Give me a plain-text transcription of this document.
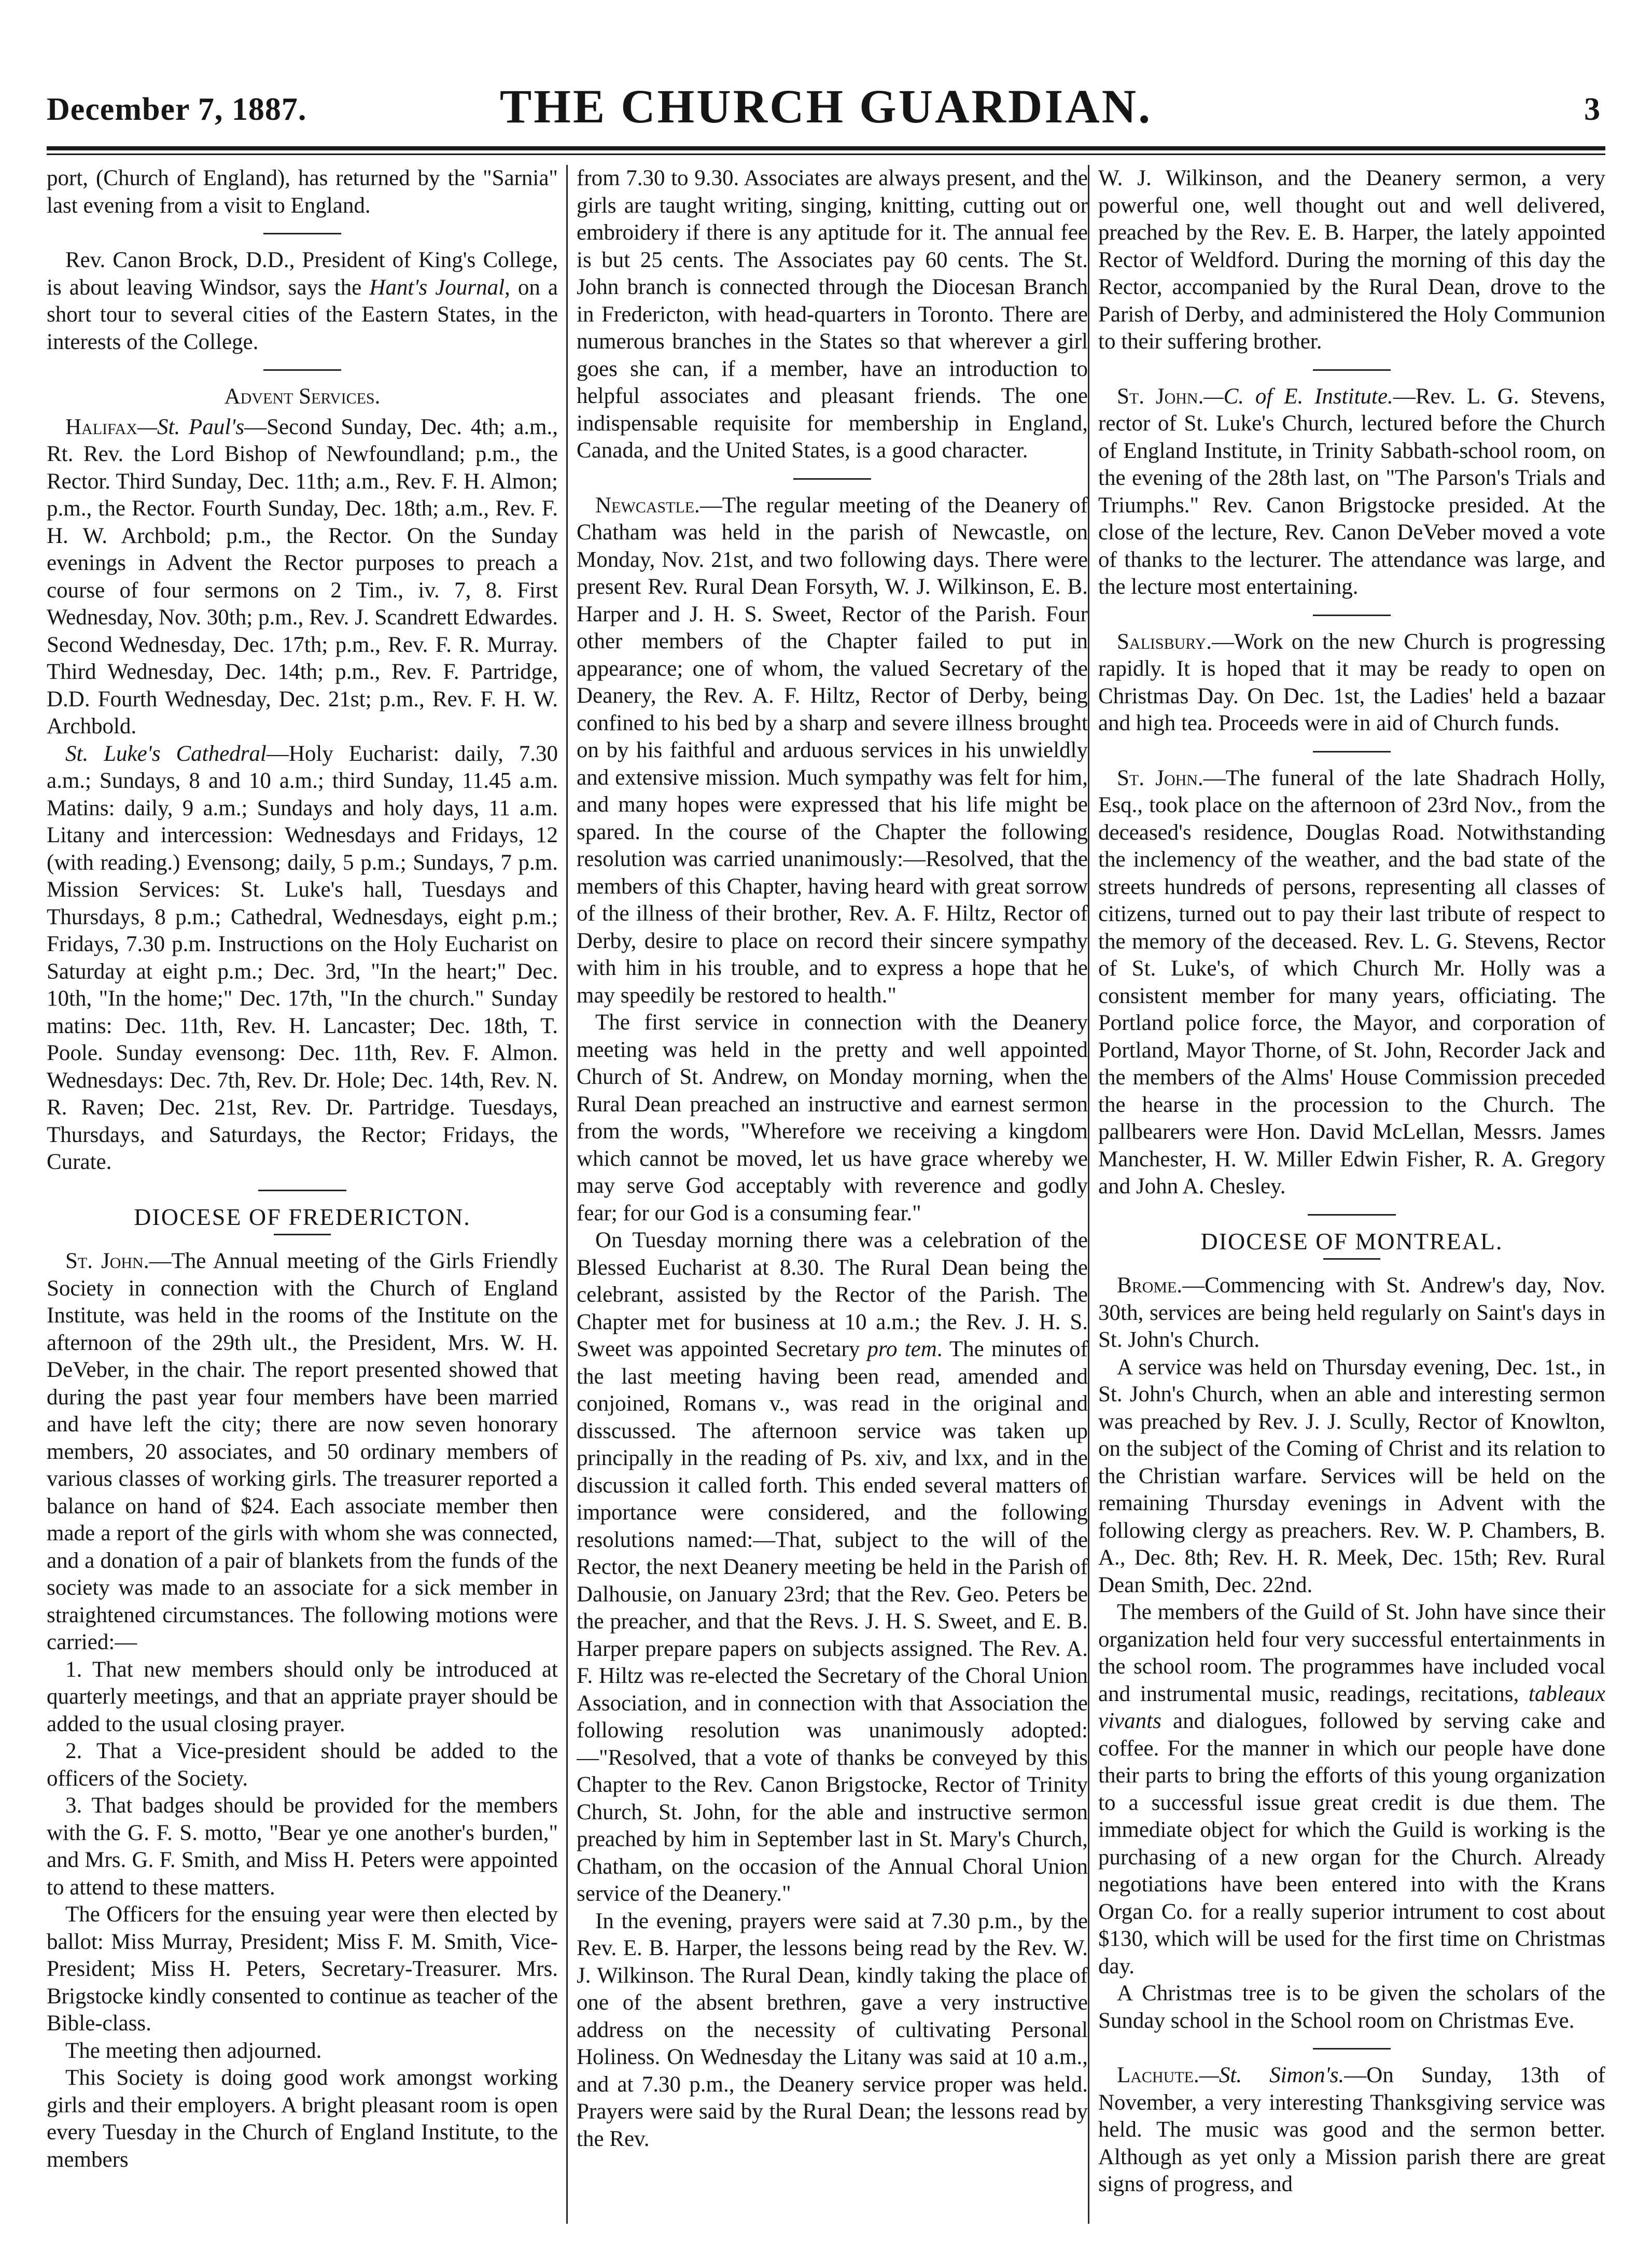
December 7, 1887.	THE CHURCH GUARDIAN.	3

port, (Church of England), has returned by the "Sarnia" last evening from a visit to England.

Rev. Canon Brock, D.D., President of King's College, is about leaving Windsor, says the Hant's Journal, on a short tour to several cities of the Eastern States, in the interests of the College.

Advent Services.

Halifax—St. Paul's—Second Sunday, Dec. 4th; a.m., Rt. Rev. the Lord Bishop of Newfoundland; p.m., the Rector. Third Sunday, Dec. 11th; a.m., Rev. F. H. Almon; p.m., the Rector. Fourth Sunday, Dec. 18th; a.m., Rev. F. H. W. Archbold; p.m., the Rector. On the Sunday evenings in Advent the Rector purposes to preach a course of four sermons on 2 Tim., iv. 7, 8. First Wednesday, Nov. 30th; p.m., Rev. J. Scandrett Edwardes. Second Wednesday, Dec. 17th; p.m., Rev. F. R. Murray. Third Wednesday, Dec. 14th; p.m., Rev. F. Partridge, D.D. Fourth Wednesday, Dec. 21st; p.m., Rev. F. H. W. Archbold.

St. Luke's Cathedral—Holy Eucharist: daily, 7.30 a.m.; Sundays, 8 and 10 a.m.; third Sunday, 11.45 a.m. Matins: daily, 9 a.m.; Sundays and holy days, 11 a.m. Litany and intercession: Wednesdays and Fridays, 12 (with reading.) Evensong; daily, 5 p.m.; Sundays, 7 p.m. Mission Services: St. Luke's hall, Tuesdays and Thursdays, 8 p.m.; Cathedral, Wednesdays, eight p.m.; Fridays, 7.30 p.m. Instructions on the Holy Eucharist on Saturday at eight p.m.; Dec. 3rd, "In the heart;" Dec. 10th, "In the home;" Dec. 17th, "In the church." Sunday matins: Dec. 11th, Rev. H. Lancaster; Dec. 18th, T. Poole. Sunday evensong: Dec. 11th, Rev. F. Almon. Wednesdays: Dec. 7th, Rev. Dr. Hole; Dec. 14th, Rev. N. R. Raven; Dec. 21st, Rev. Dr. Partridge. Tuesdays, Thursdays, and Saturdays, the Rector; Fridays, the Curate.

DIOCESE OF FREDERICTON.

St. John.—The Annual meeting of the Girls Friendly Society in connection with the Church of England Institute, was held in the rooms of the Institute on the afternoon of the 29th ult., the President, Mrs. W. H. DeVeber, in the chair. The report presented showed that during the past year four members have been married and have left the city; there are now seven honorary members, 20 associates, and 50 ordinary members of various classes of working girls. The treasurer reported a balance on hand of $24. Each associate member then made a report of the girls with whom she was connected, and a donation of a pair of blankets from the funds of the society was made to an associate for a sick member in straightened circumstances. The following motions were carried:—

1. That new members should only be introduced at quarterly meetings, and that an appriate prayer should be added to the usual closing prayer.

2. That a Vice-president should be added to the officers of the Society.

3. That badges should be provided for the members with the G. F. S. motto, "Bear ye one another's burden," and Mrs. G. F. Smith, and Miss H. Peters were appointed to attend to these matters.

The Officers for the ensuing year were then elected by ballot: Miss Murray, President; Miss F. M. Smith, Vice-President; Miss H. Peters, Secretary-Treasurer. Mrs. Brigstocke kindly consented to continue as teacher of the Bible-class.

The meeting then adjourned.

This Society is doing good work amongst working girls and their employers. A bright pleasant room is open every Tuesday in the Church of England Institute, to the members

from 7.30 to 9.30. Associates are always present, and the girls are taught writing, singing, knitting, cutting out or embroidery if there is any aptitude for it. The annual fee is but 25 cents. The Associates pay 60 cents. The St. John branch is connected through the Diocesan Branch in Fredericton, with head-quarters in Toronto. There are numerous branches in the States so that wherever a girl goes she can, if a member, have an introduction to helpful associates and pleasant friends. The one indispensable requisite for membership in England, Canada, and the United States, is a good character.

Newcastle.—The regular meeting of the Deanery of Chatham was held in the parish of Newcastle, on Monday, Nov. 21st, and two following days. There were present Rev. Rural Dean Forsyth, W. J. Wilkinson, E. B. Harper and J. H. S. Sweet, Rector of the Parish. Four other members of the Chapter failed to put in appearance; one of whom, the valued Secretary of the Deanery, the Rev. A. F. Hiltz, Rector of Derby, being confined to his bed by a sharp and severe illness brought on by his faithful and arduous services in his unwieldly and extensive mission. Much sympathy was felt for him, and many hopes were expressed that his life might be spared. In the course of the Chapter the following resolution was carried unanimously:—Resolved, that the members of this Chapter, having heard with great sorrow of the illness of their brother, Rev. A. F. Hiltz, Rector of Derby, desire to place on record their sincere sympathy with him in his trouble, and to express a hope that he may speedily be restored to health."

The first service in connection with the Deanery meeting was held in the pretty and well appointed Church of St. Andrew, on Monday morning, when the Rural Dean preached an instructive and earnest sermon from the words, "Wherefore we receiving a kingdom which cannot be moved, let us have grace whereby we may serve God acceptably with reverence and godly fear; for our God is a consuming fear."

On Tuesday morning there was a celebration of the Blessed Eucharist at 8.30. The Rural Dean being the celebrant, assisted by the Rector of the Parish. The Chapter met for business at 10 a.m.; the Rev. J. H. S. Sweet was appointed Secretary pro tem. The minutes of the last meeting having been read, amended and conjoined, Romans v., was read in the original and disscussed. The afternoon service was taken up principally in the reading of Ps. xiv, and lxx, and in the discussion it called forth. This ended several matters of importance were considered, and the following resolutions named:—That, subject to the will of the Rector, the next Deanery meeting be held in the Parish of Dalhousie, on January 23rd; that the Rev. Geo. Peters be the preacher, and that the Revs. J. H. S. Sweet, and E. B. Harper prepare papers on subjects assigned. The Rev. A. F. Hiltz was re-elected the Secretary of the Choral Union Association, and in connection with that Association the following resolution was unanimously adopted:—"Resolved, that a vote of thanks be conveyed by this Chapter to the Rev. Canon Brigstocke, Rector of Trinity Church, St. John, for the able and instructive sermon preached by him in September last in St. Mary's Church, Chatham, on the occasion of the Annual Choral Union service of the Deanery."

In the evening, prayers were said at 7.30 p.m., by the Rev. E. B. Harper, the lessons being read by the Rev. W. J. Wilkinson. The Rural Dean, kindly taking the place of one of the absent brethren, gave a very instructive address on the necessity of cultivating Personal Holiness. On Wednesday the Litany was said at 10 a.m., and at 7.30 p.m., the Deanery service proper was held. Prayers were said by the Rural Dean; the lessons read by the Rev.

W. J. Wilkinson, and the Deanery sermon, a very powerful one, well thought out and well delivered, preached by the Rev. E. B. Harper, the lately appointed Rector of Weldford. During the morning of this day the Rector, accompanied by the Rural Dean, drove to the Parish of Derby, and administered the Holy Communion to their suffering brother.

St. John.—C. of E. Institute.—Rev. L. G. Stevens, rector of St. Luke's Church, lectured before the Church of England Institute, in Trinity Sabbath-school room, on the evening of the 28th last, on "The Parson's Trials and Triumphs." Rev. Canon Brigstocke presided. At the close of the lecture, Rev. Canon DeVeber moved a vote of thanks to the lecturer. The attendance was large, and the lecture most entertaining.

Salisbury.—Work on the new Church is progressing rapidly. It is hoped that it may be ready to open on Christmas Day. On Dec. 1st, the Ladies' held a bazaar and high tea. Proceeds were in aid of Church funds.

St. John.—The funeral of the late Shadrach Holly, Esq., took place on the afternoon of 23rd Nov., from the deceased's residence, Douglas Road. Notwithstanding the inclemency of the weather, and the bad state of the streets hundreds of persons, representing all classes of citizens, turned out to pay their last tribute of respect to the memory of the deceased. Rev. L. G. Stevens, Rector of St. Luke's, of which Church Mr. Holly was a consistent member for many years, officiating. The Portland police force, the Mayor, and corporation of Portland, Mayor Thorne, of St. John, Recorder Jack and the members of the Alms' House Commission preceded the hearse in the procession to the Church. The pallbearers were Hon. David McLellan, Messrs. James Manchester, H. W. Miller Edwin Fisher, R. A. Gregory and John A. Chesley.

DIOCESE OF MONTREAL.

Brome.—Commencing with St. Andrew's day, Nov. 30th, services are being held regularly on Saint's days in St. John's Church.

A service was held on Thursday evening, Dec. 1st., in St. John's Church, when an able and interesting sermon was preached by Rev. J. J. Scully, Rector of Knowlton, on the subject of the Coming of Christ and its relation to the Christian warfare. Services will be held on the remaining Thursday evenings in Advent with the following clergy as preachers. Rev. W. P. Chambers, B. A., Dec. 8th; Rev. H. R. Meek, Dec. 15th; Rev. Rural Dean Smith, Dec. 22nd.

The members of the Guild of St. John have since their organization held four very successful entertainments in the school room. The programmes have included vocal and instrumental music, readings, recitations, tableaux vivants and dialogues, followed by serving cake and coffee. For the manner in which our people have done their parts to bring the efforts of this young organization to a successful issue great credit is due them. The immediate object for which the Guild is working is the purchasing of a new organ for the Church. Already negotiations have been entered into with the Krans Organ Co. for a really superior intrument to cost about $130, which will be used for the first time on Christmas day.

A Christmas tree is to be given the scholars of the Sunday school in the School room on Christmas Eve.

Lachute.—St. Simon's.—On Sunday, 13th of November, a very interesting Thanksgiving service was held. The music was good and the sermon better. Although as yet only a Mission parish there are great signs of progress, and
